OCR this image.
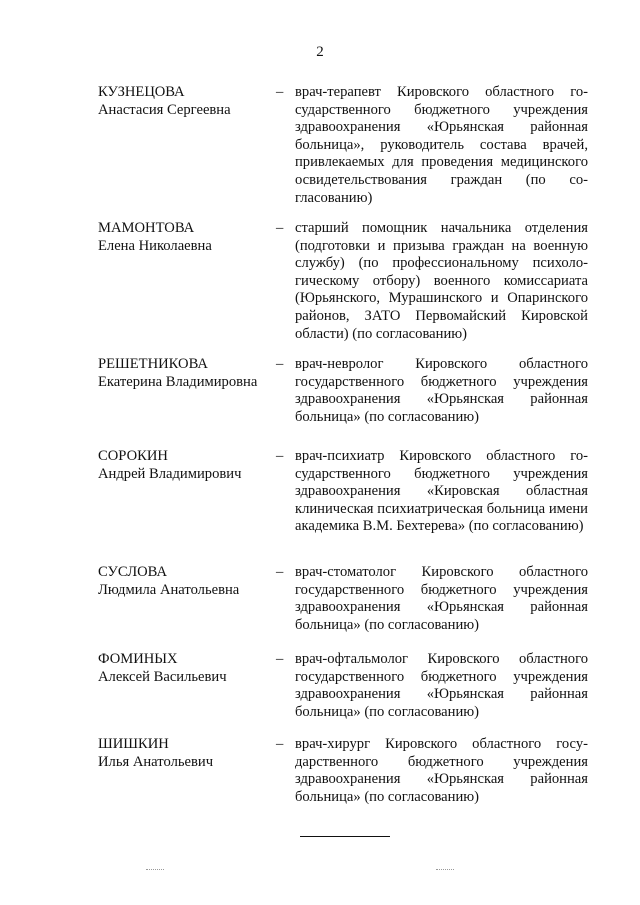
2
КУЗНЕЦОВА
Анастасия Сергеевна
– врач-терапевт Кировского областного государственного бюджетного учреждения здравоохранения «Юрьянская районная больница», руководитель состава врачей, привлекаемых для проведения медицинского освидетельствования граждан (по согласованию)
МАМОНТОВА
Елена Николаевна
– старший помощник начальника отделения (подготовки и призыва граждан на военную службу) (по профессиональному психологическому отбору) военного комиссариата (Юрьянского, Мурашинского и Опаринского районов, ЗАТО Первомайский Кировской области) (по согласованию)
РЕШЕТНИКОВА
Екатерина Владимировна
– врач-невролог Кировского областного государственного бюджетного учреждения здравоохранения «Юрьянская районная больница» (по согласованию)
СОРОКИН
Андрей Владимирович
– врач-психиатр Кировского областного государственного бюджетного учреждения здравоохранения «Кировская областная клиническая психиатрическая больница имени академика В.М. Бехтерева» (по согласованию)
СУСЛОВА
Людмила Анатольевна
– врач-стоматолог Кировского областного государственного бюджетного учреждения здравоохранения «Юрьянская районная больница» (по согласованию)
ФОМИНЫХ
Алексей Васильевич
– врач-офтальмолог Кировского областного государственного бюджетного учреждения здравоохранения «Юрьянская районная больница» (по согласованию)
ШИШКИН
Илья Анатольевич
– врач-хирург Кировского областного государственного бюджетного учреждения здравоохранения «Юрьянская районная больница» (по согласованию)
